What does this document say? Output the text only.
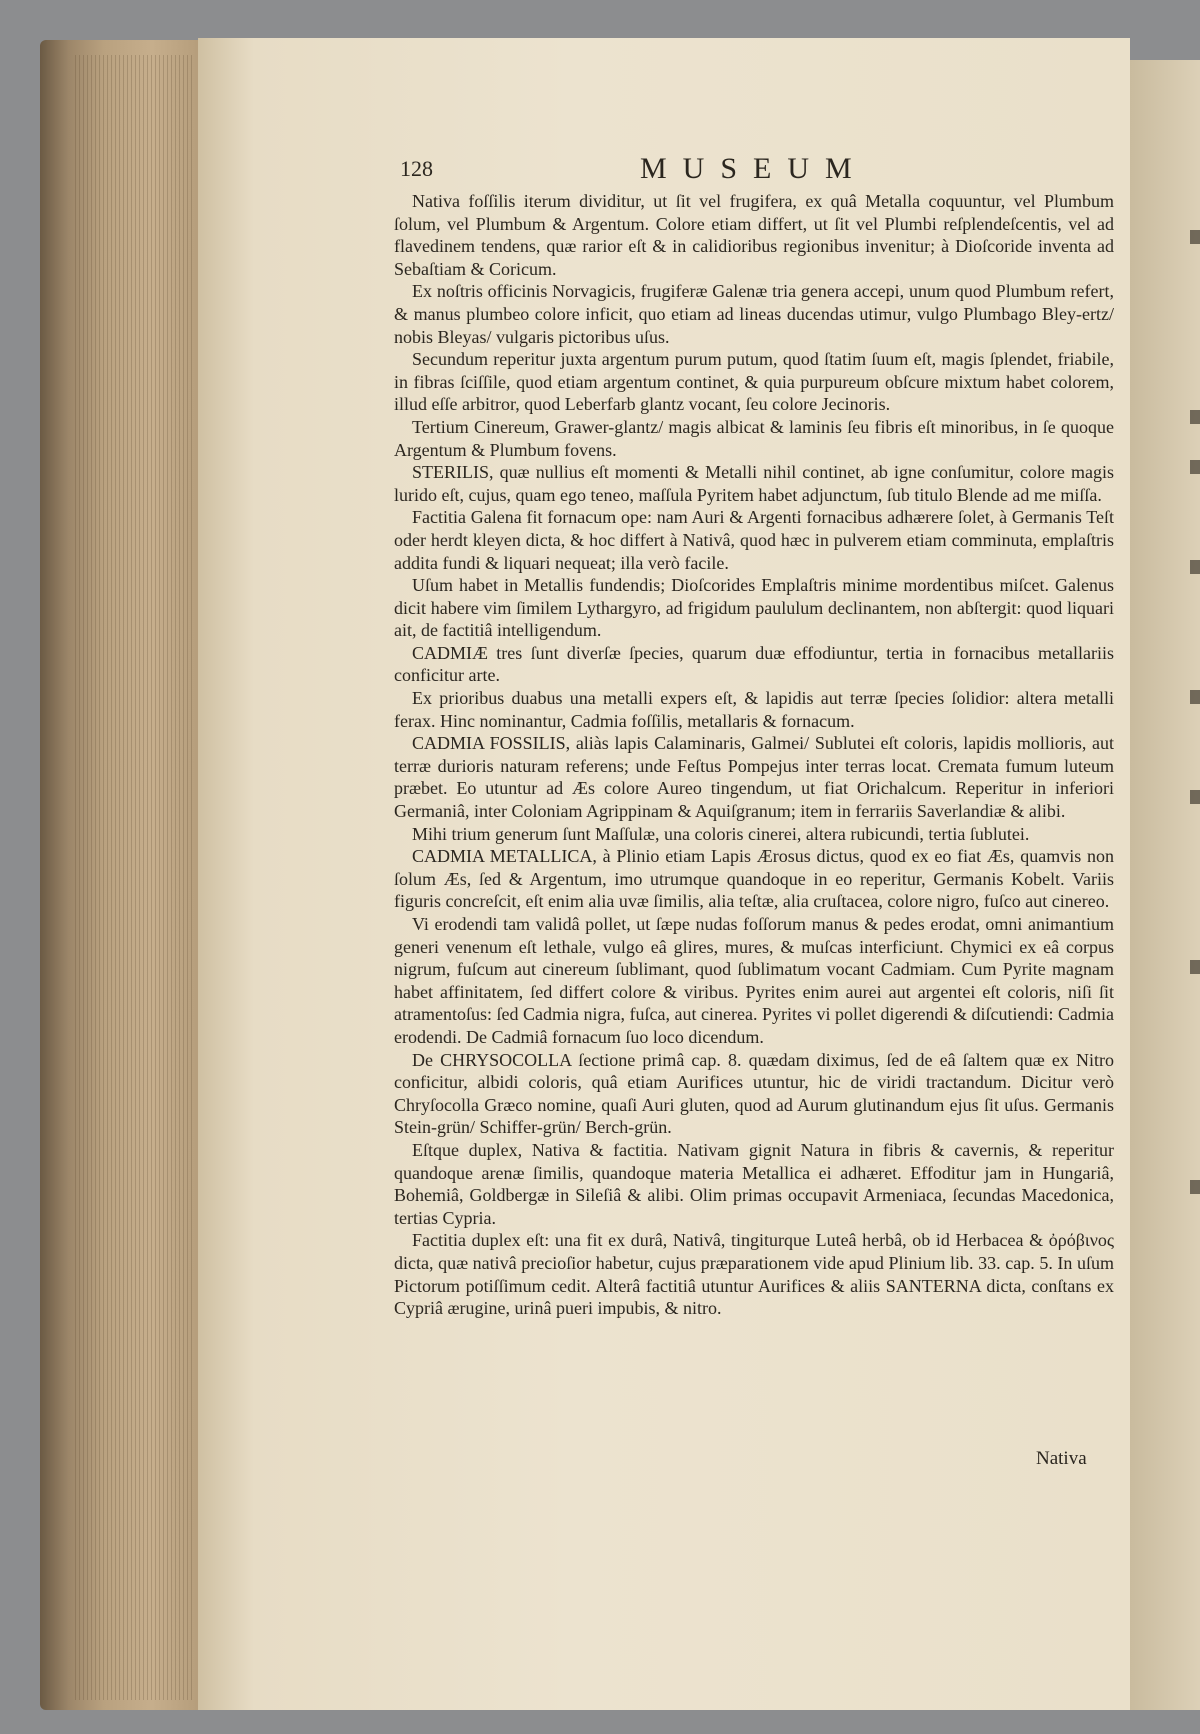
128	MUSEUM

Nativa foſſilis iterum dividitur, ut ſit vel frugifera, ex quâ Metalla coquuntur, vel Plumbum ſolum, vel Plumbum & Argentum. Colore etiam differt, ut ſit vel Plumbi reſplendeſcentis, vel ad flavedinem tendens, quæ rarior eſt & in calidioribus regionibus invenitur; à Dioſcoride inventa ad Sebaſtiam & Coricum.

Ex noſtris officinis Norvagicis, frugiferæ Galenæ tria genera accepi, unum quod Plumbum refert, & manus plumbeo colore inficit, quo etiam ad lineas ducendas utimur, vulgo Plumbago Bley-ertz/ nobis Bleyas/ vulgaris pictoribus uſus.

Secundum reperitur juxta argentum purum putum, quod ſtatim ſuum eſt, magis ſplendet, friabile, in fibras ſciſſile, quod etiam argentum continet, & quia purpureum obſcure mixtum habet colorem, illud eſſe arbitror, quod Leberfarb glantz vocant, ſeu colore Jecinoris.

Tertium Cinereum, Grawer-glantz/ magis albicat & laminis ſeu fibris eſt minoribus, in ſe quoque Argentum & Plumbum fovens.

STERILIS, quæ nullius eſt momenti & Metalli nihil continet, ab igne conſumitur, colore magis lurido eſt, cujus, quam ego teneo, maſſula Pyritem habet adjunctum, ſub titulo Blende ad me miſſa.

Factitia Galena fit fornacum ope: nam Auri & Argenti fornacibus adhærere ſolet, à Germanis Teſt oder herdt kleyen dicta, & hoc differt à Nativâ, quod hæc in pulverem etiam comminuta, emplaſtris addita fundi & liquari nequeat; illa verò facile.

Uſum habet in Metallis fundendis; Dioſcorides Emplaſtris minime mordentibus miſcet. Galenus dicit habere vim ſimilem Lythargyro, ad frigidum paululum declinantem, non abſtergit: quod liquari ait, de factitiâ intelligendum.

CADMIÆ tres ſunt diverſæ ſpecies, quarum duæ effodiuntur, tertia in fornacibus metallariis conficitur arte.

Ex prioribus duabus una metalli expers eſt, & lapidis aut terræ ſpecies ſolidior: altera metalli ferax. Hinc nominantur, Cadmia foſſilis, metallaris & fornacum.

CADMIA FOSSILIS, aliàs lapis Calaminaris, Galmei/ Sublutei eſt coloris, lapidis mollioris, aut terræ durioris naturam referens; unde Feſtus Pompejus inter terras locat. Cremata fumum luteum præbet. Eo utuntur ad Æs colore Aureo tingendum, ut fiat Orichalcum. Reperitur in inferiori Germaniâ, inter Coloniam Agrippinam & Aquiſgranum; item in ferrariis Saverlandiæ & alibi.

Mihi trium generum ſunt Maſſulæ, una coloris cinerei, altera rubicundi, tertia ſublutei.

CADMIA METALLICA, à Plinio etiam Lapis Ærosus dictus, quod ex eo fiat Æs, quamvis non ſolum Æs, ſed & Argentum, imo utrumque quandoque in eo reperitur, Germanis Kobelt. Variis figuris concreſcit, eſt enim alia uvæ ſimilis, alia teſtæ, alia cruſtacea, colore nigro, fuſco aut cinereo.

Vi erodendi tam validâ pollet, ut ſæpe nudas foſſorum manus & pedes erodat, omni animantium generi venenum eſt lethale, vulgo eâ glires, mures, & muſcas interficiunt. Chymici ex eâ corpus nigrum, fuſcum aut cinereum ſublimant, quod ſublimatum vocant Cadmiam. Cum Pyrite magnam habet affinitatem, ſed differt colore & viribus. Pyrites enim aurei aut argentei eſt coloris, niſi ſit atramentoſus: ſed Cadmia nigra, fuſca, aut cinerea. Pyrites vi pollet digerendi & diſcutiendi: Cadmia erodendi. De Cadmiâ fornacum ſuo loco dicendum.

De CHRYSOCOLLA ſectione primâ cap. 8. quædam diximus, ſed de eâ ſaltem quæ ex Nitro conficitur, albidi coloris, quâ etiam Aurifices utuntur, hic de viridi tractandum. Dicitur verò Chryſocolla Græco nomine, quaſi Auri gluten, quod ad Aurum glutinandum ejus ſit uſus. Germanis Stein-grün/ Schiffer-grün/ Berch-grün.

Eſtque duplex, Nativa & factitia. Nativam gignit Natura in fibris & cavernis, & reperitur quandoque arenæ ſimilis, quandoque materia Metallica ei adhæret. Effoditur jam in Hungariâ, Bohemiâ, Goldbergæ in Sileſiâ & alibi. Olim primas occupavit Armeniaca, ſecundas Macedonica, tertias Cypria.

Factitia duplex eſt: una fit ex durâ, Nativâ, tingiturque Luteâ herbâ, ob id Herbacea & ὀρόβινος dicta, quæ nativâ precioſior habetur, cujus præparationem vide apud Plinium lib. 33. cap. 5. In uſum Pictorum potiſſimum cedit. Alterâ factitiâ utuntur Aurifices & aliis SANTERNA dicta, conſtans ex Cypriâ ærugine, urinâ pueri impubis, & nitro.

Nativa
